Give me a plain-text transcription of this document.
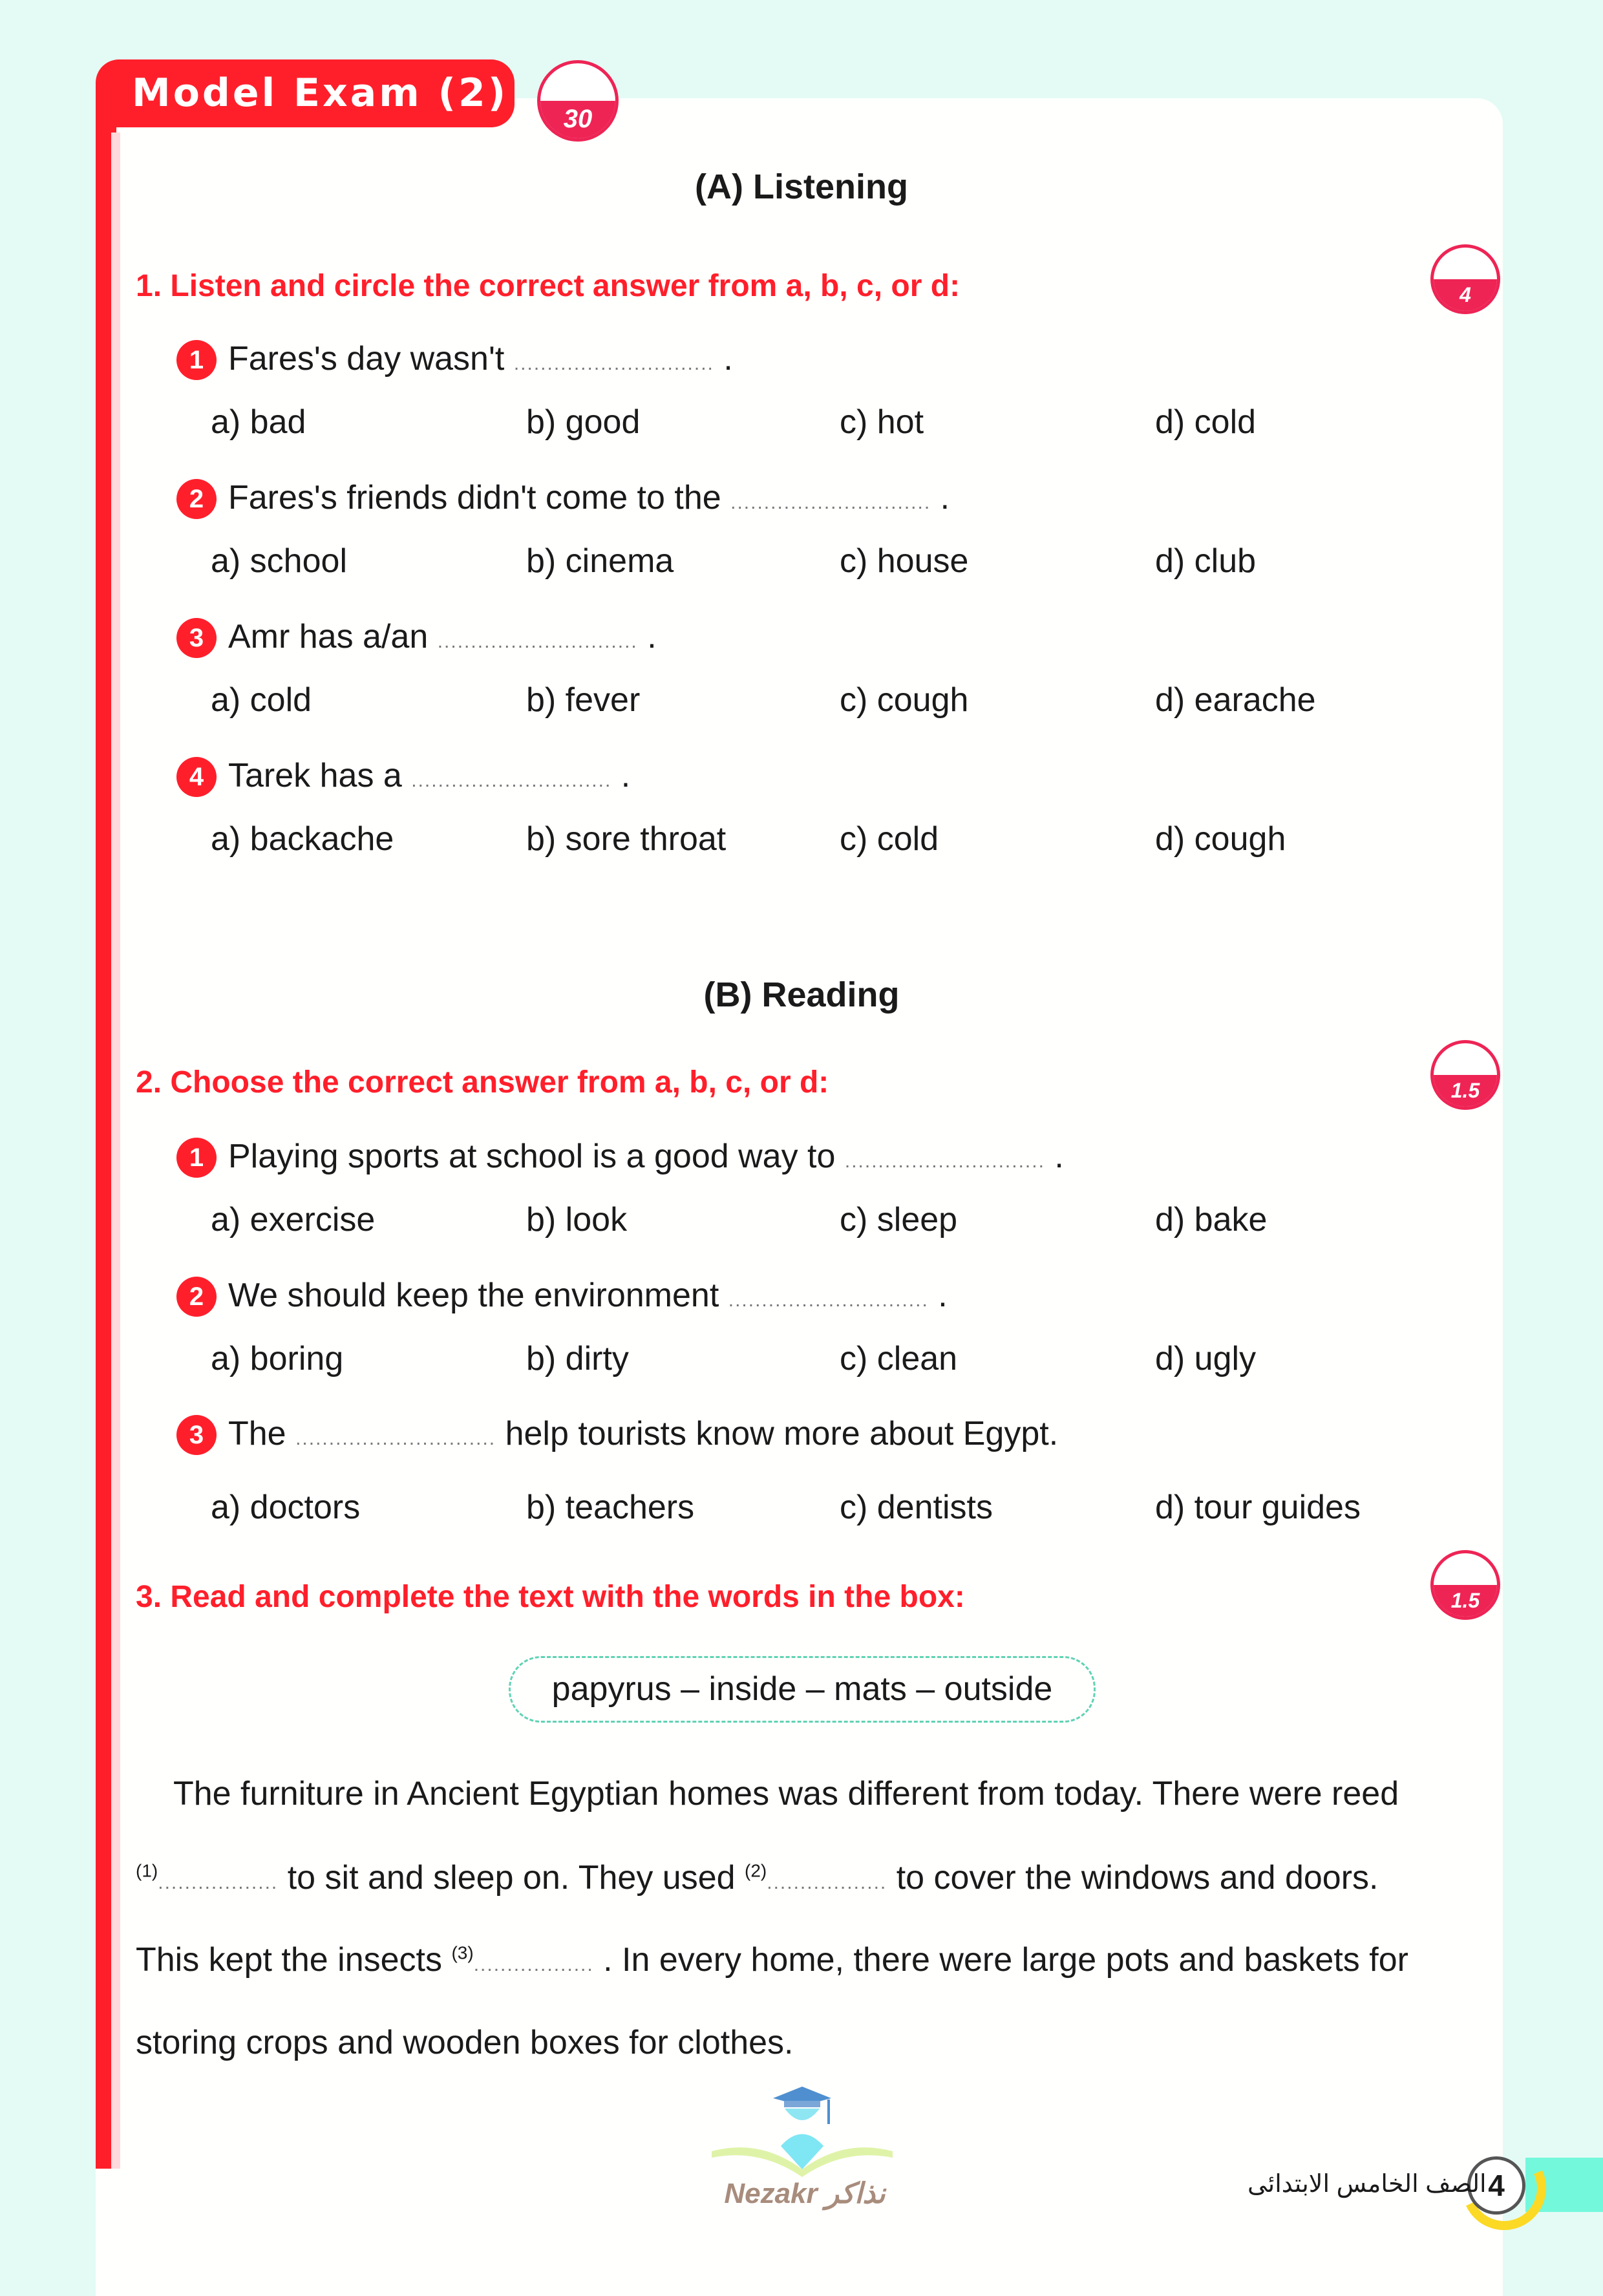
Model Exam (2)
30
(A) Listening
(B) Reading
1. Listen and circle the correct answer from a, b, c, or d:	4
1 Fares's day wasn't .............................. .
a) bad	b) good	c) hot	d) cold
2 Fares's friends didn't come to the .............................. .
a) school	b) cinema	c) house	d) club
3 Amr has a/an .............................. .
a) cold	b) fever	c) cough	d) earache
4 Tarek has a .............................. .
a) backache	b) sore throat	c) cold	d) cough
2. Choose the correct answer from a, b, c, or d:	1.5
1 Playing sports at school is a good way to .............................. .
a) exercise	b) look	c) sleep	d) bake
2 We should keep the environment .............................. .
a) boring	b) dirty	c) clean	d) ugly
3 The .............................. help tourists know more about Egypt.
a) doctors	b) teachers	c) dentists	d) tour guides
3. Read and complete the text with the words in the box:	1.5
papyrus – inside – mats – outside
The furniture in Ancient Egyptian homes was different from today. There were reed
$^{(1)}$.................. to sit and sleep on. They used $^{(2)}$.................. to cover the windows and doors.
This kept the insects $^{(3)}$.................. . In every home, there were large pots and baskets for
storing crops and wooden boxes for clothes.
Nezakr نذاكر	4
الصف الخامس الابتدائى
